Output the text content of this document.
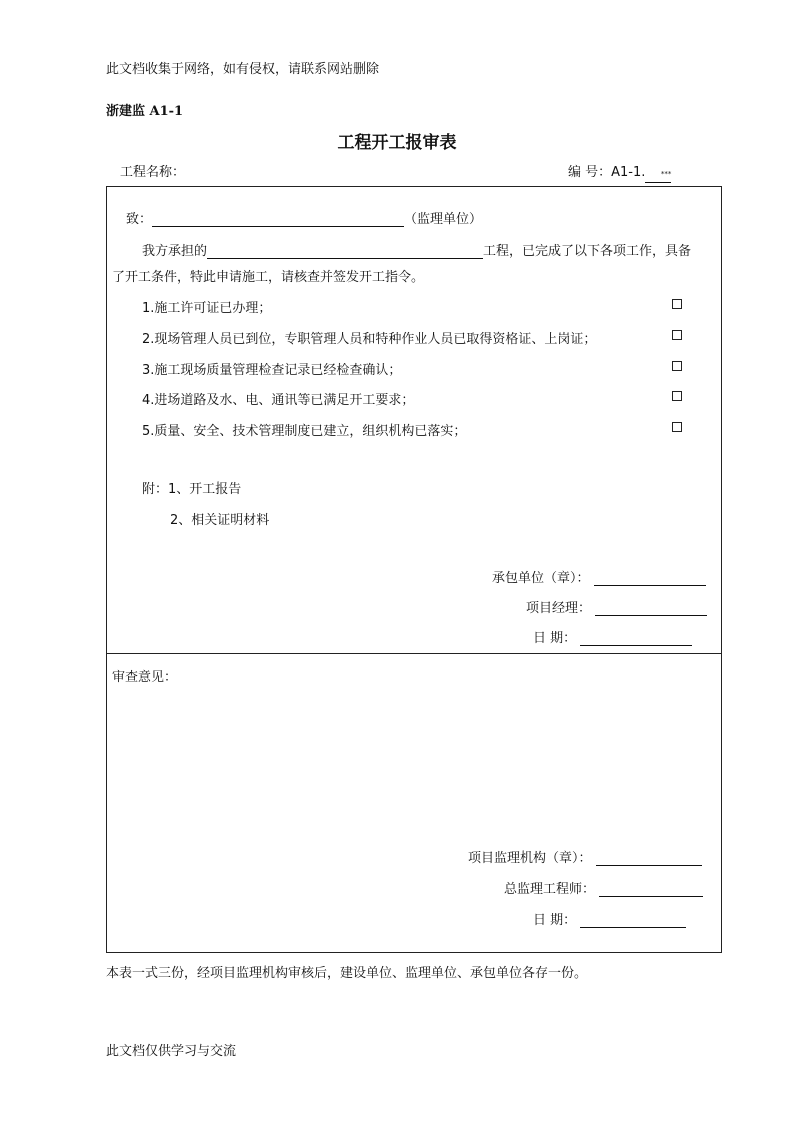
此文档收集于网络，如有侵权，请联系网站删除
浙建监 A1-1
工程开工报审表
工程名称：	编 号：A1-1. ***
致：	（监理单位）
我方承担的	工程，已完成了以下各项工作，具备
了开工条件，特此申请施工，请核查并签发开工指令。
1.施工许可证已办理；
2.现场管理人员已到位，专职管理人员和特种作业人员已取得资格证、上岗证；
3.施工现场质量管理检查记录已经检查确认；
4.进场道路及水、电、通讯等已满足开工要求；
5.质量、安全、技术管理制度已建立，组织机构已落实；
附：1、开工报告
2、相关证明材料
承包单位（章）：
项目经理：
日 期：
审查意见：
项目监理机构（章）：
总监理工程师：
日 期：
本表一式三份，经项目监理机构审核后，建设单位、监理单位、承包单位各存一份。
此文档仅供学习与交流
